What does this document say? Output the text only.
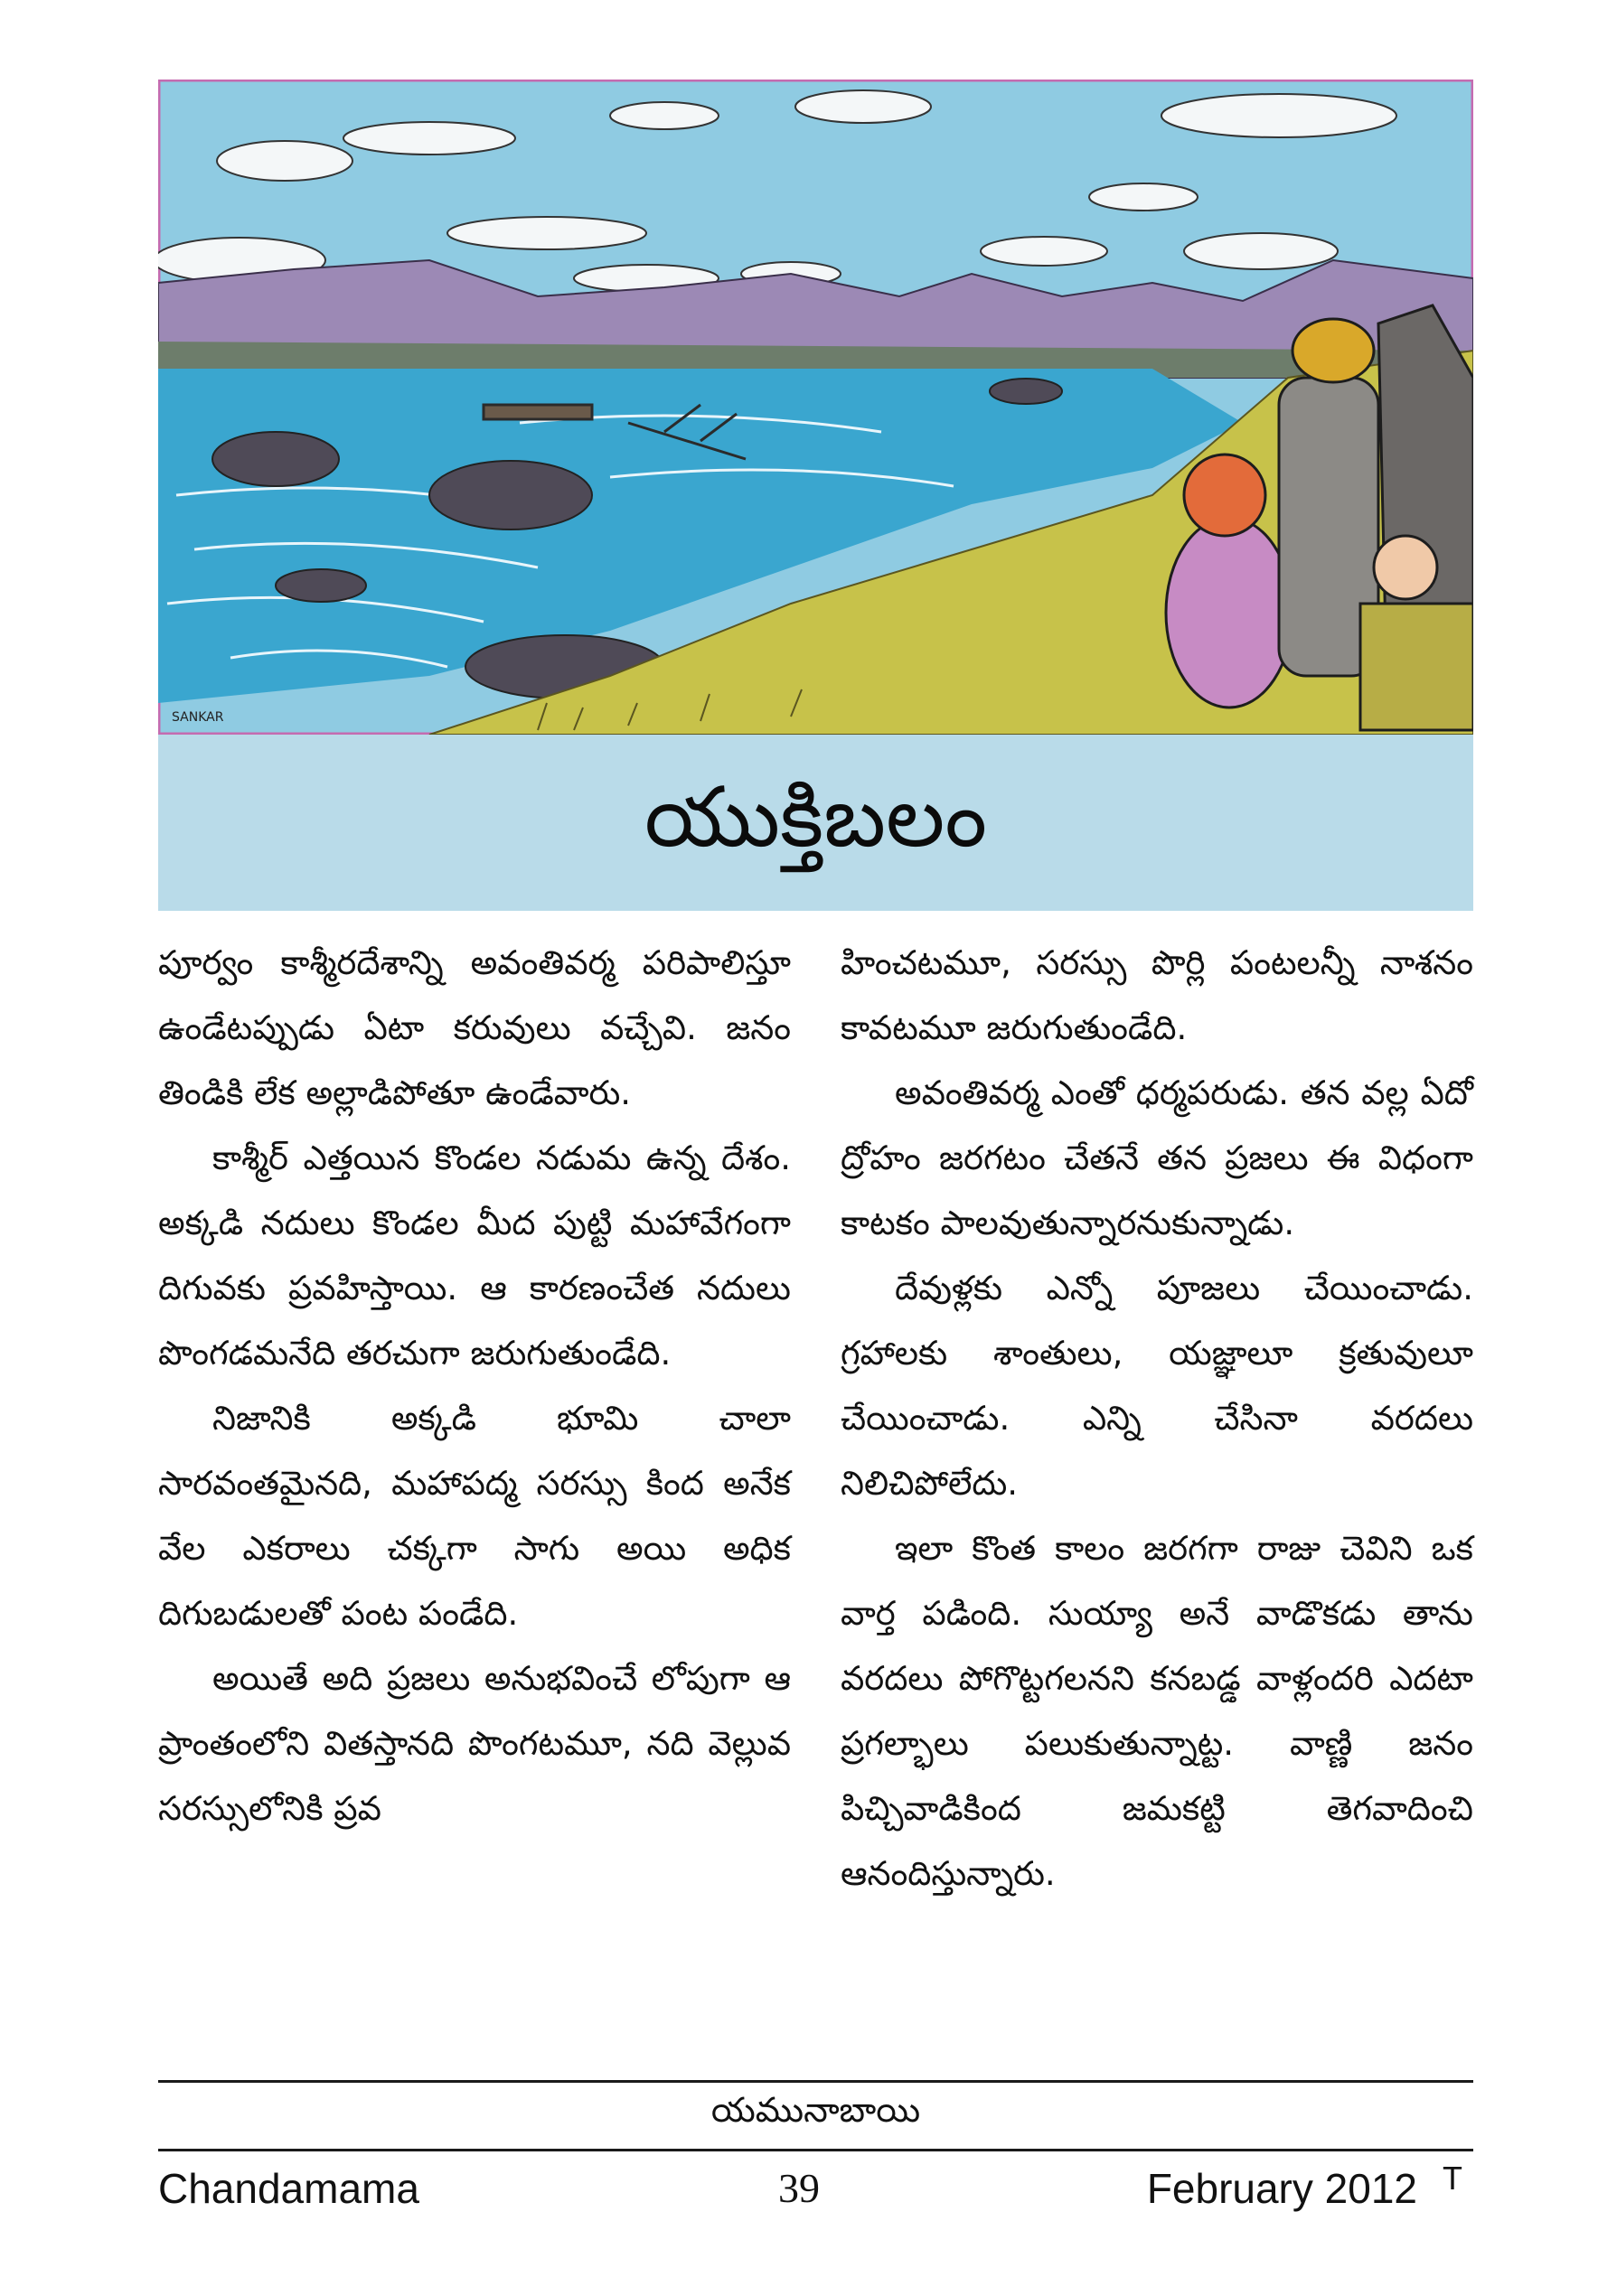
SANKAR
యుక్తిబలం

పూర్వం కాశ్మీరదేశాన్ని అవంతివర్మ పరిపాలిస్తూ ఉండేటప్పుడు ఏటా కరువులు వచ్చేవి. జనం తిండికి లేక అల్లాడిపోతూ ఉండేవారు.

కాశ్మీర్ ఎత్తయిన కొండల నడుమ ఉన్న దేశం. అక్కడి నదులు కొండల మీద పుట్టి మహావేగంగా దిగువకు ప్రవహిస్తాయి. ఆ కారణంచేత నదులు పొంగడమనేది తరచుగా జరుగుతుండేది.

నిజానికి అక్కడి భూమి చాలా సారవంతమైనది, మహాపద్మ సరస్సు కింద అనేక వేల ఎకరాలు చక్కగా సాగు అయి అధిక దిగుబడులతో పంట పండేది.

అయితే అది ప్రజలు అనుభవించే లోపుగా ఆ ప్రాంతంలోని వితస్తానది పొంగటమూ, నది వెల్లువ సరస్సులోనికి ప్రవ

హించటమూ, సరస్సు పొర్లి పంటలన్నీ నాశనం కావటమూ జరుగుతుండేది.

అవంతివర్మ ఎంతో ధర్మపరుడు. తన వల్ల ఏదో ద్రోహం జరగటం చేతనే తన ప్రజలు ఈ విధంగా కాటకం పాలవుతున్నారనుకున్నాడు.

దేవుళ్లకు ఎన్నో పూజలు చేయించాడు. గ్రహాలకు శాంతులు, యజ్ఞాలూ క్రతువులూ చేయించాడు. ఎన్ని చేసినా వరదలు నిలిచిపోలేదు.

ఇలా కొంత కాలం జరగగా రాజు చెవిని ఒక వార్త పడింది. సుయ్యా అనే వాడొకడు తాను వరదలు పోగొట్టగలనని కనబడ్డ వాళ్లందరి ఎదటా ప్రగల్భాలు పలుకుతున్నాట్ట. వాణ్ణి జనం పిచ్చివాడికింద జమకట్టి తెగవాదించి ఆనందిస్తున్నారు.

యమునాబాయి
Chandamama	39	February 2012 T
